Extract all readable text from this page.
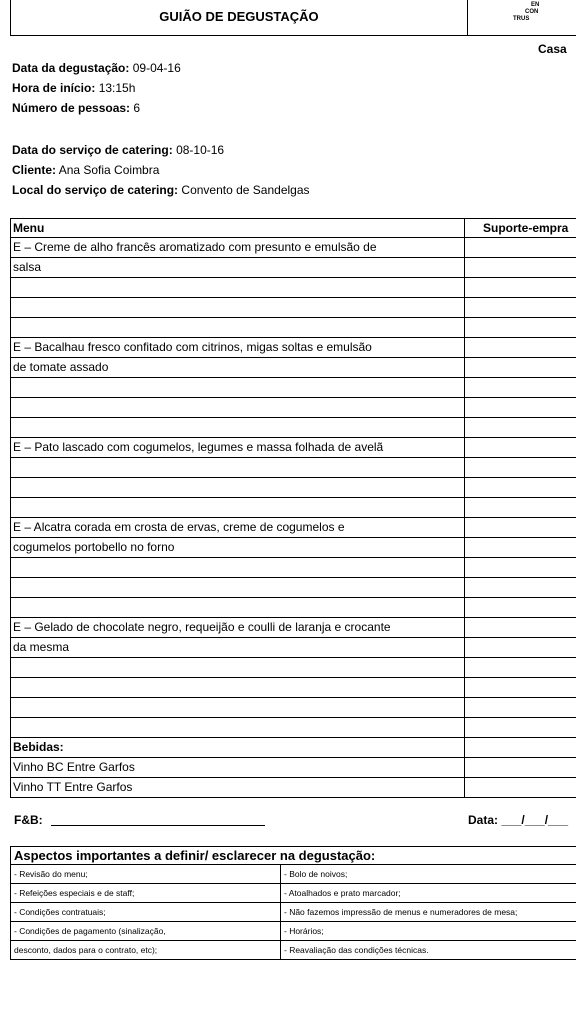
GUIÃO DE DEGUSTAÇÃO
EN
CON
TRUS
Casa
Data da degustação: 09-04-16
Hora de início: 13:15h
Número de pessoas: 6
Data do serviço de catering: 08-10-16
Cliente: Ana Sofia Coimbra
Local do serviço de catering: Convento de Sandelgas
Menu	Suporte-empra
E – Creme de alho francês aromatizado com presunto e emulsão de
salsa
E – Bacalhau fresco confitado com citrinos, migas soltas e emulsão
de tomate assado
E – Pato lascado com cogumelos, legumes e massa folhada de avelã
E – Alcatra corada em crosta de ervas, creme de cogumelos e
cogumelos portobello no forno
E – Gelado de chocolate negro, requeijão e coulli de laranja e crocante
da mesma
Bebidas:
Vinho BC Entre Garfos
Vinho TT Entre Garfos
F&B:	Data: ___/___/___
Aspectos importantes a definir/ esclarecer na degustação:
- Revisão do menu;	- Bolo de noivos;
- Refeições especiais e de staff;	- Atoalhados e prato marcador;
- Condições contratuais;	- Não fazemos impressão de menus e numeradores de mesa;
- Condições de pagamento (sinalização,	- Horários;
desconto, dados para o contrato, etc);	- Reavaliação das condições técnicas.
